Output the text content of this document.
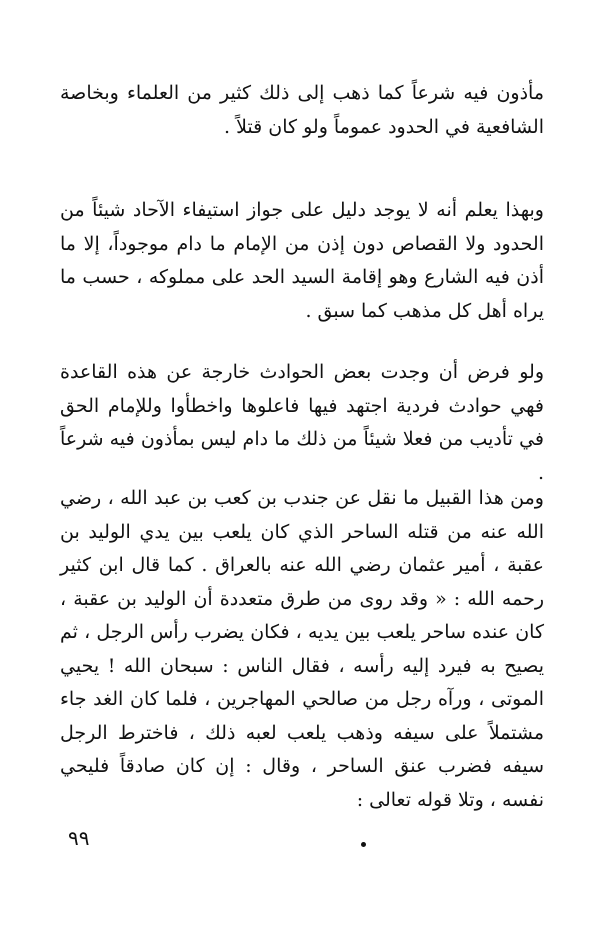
مأذون فيه شرعاً كما ذهب إلى ذلك كثير من العلماء وبخاصة الشافعية في الحدود عموماً ولو كان قتلاً .

وبهذا يعلم أنه لا يوجد دليل على جواز استيفاء الآحاد شيئاً من الحدود ولا القصاص دون إذن من الإمام ما دام موجوداً، إلا ما أذن فيه الشارع وهو إقامة السيد الحد على مملوكه ، حسب ما يراه أهل كل مذهب كما سبق .

ولو فرض أن وجدت بعض الحوادث خارجة عن هذه القاعدة فهي حوادث فردية اجتهد فيها فاعلوها واخطأوا وللإمام الحق في تأديب من فعلا شيئاً من ذلك ما دام ليس بمأذون فيه شرعاً .

ومن هذا القبيل ما نقل عن جندب بن كعب بن عبد الله ، رضي الله عنه من قتله الساحر الذي كان يلعب بين يدي الوليد بن عقبة ، أمير عثمان رضي الله عنه بالعراق . كما قال ابن كثير رحمه الله : « وقد روى من طرق متعددة أن الوليد بن عقبة ، كان عنده ساحر يلعب بين يديه ، فكان يضرب رأس الرجل ، ثم يصيح به فيرد إليه رأسه ، فقال الناس : سبحان الله ! يحيي الموتى ، ورآه رجل من صالحي المهاجرين ، فلما كان الغد جاء مشتملاً على سيفه وذهب يلعب لعبه ذلك ، فاخترط الرجل سيفه فضرب عنق الساحر ، وقال : إن كان صادقاً فليحي نفسه ، وتلا قوله تعالى :

٩٩
